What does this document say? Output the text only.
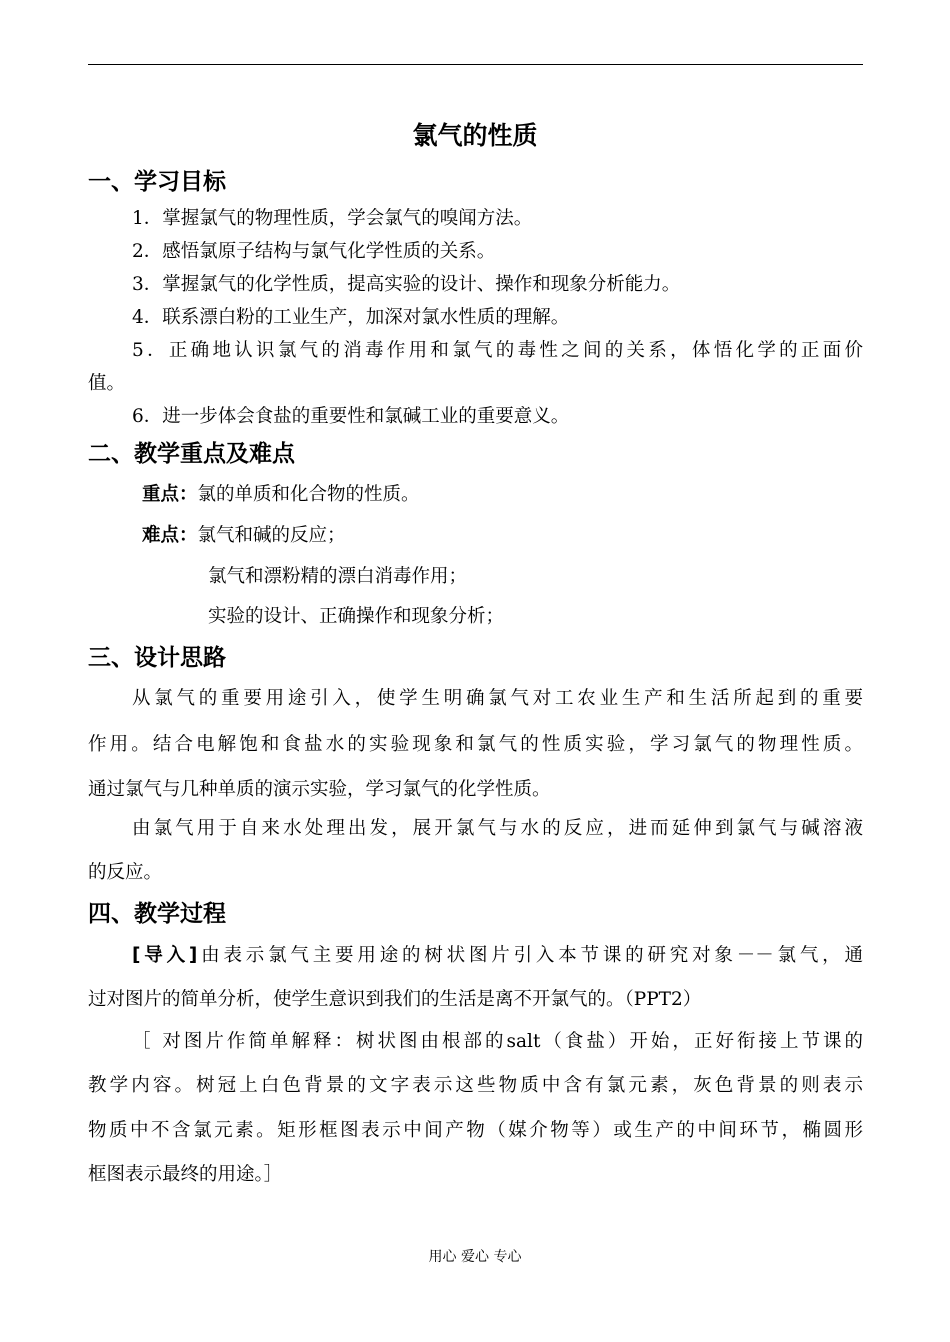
氯气的性质
一、学习目标
1．掌握氯气的物理性质，学会氯气的嗅闻方法。
2．感悟氯原子结构与氯气化学性质的关系。
3．掌握氯气的化学性质，提高实验的设计、操作和现象分析能力。
4．联系漂白粉的工业生产，加深对氯水性质的理解。
5．正确地认识氯气的消毒作用和氯气的毒性之间的关系，体悟化学的正面价
值。
6．进一步体会食盐的重要性和氯碱工业的重要意义。
二、教学重点及难点
重点：氯的单质和化合物的性质。
难点：氯气和碱的反应；
氯气和漂粉精的漂白消毒作用；
实验的设计、正确操作和现象分析；
三、设计思路
从氯气的重要用途引入，使学生明确氯气对工农业生产和生活所起到的重要
作用。结合电解饱和食盐水的实验现象和氯气的性质实验，学习氯气的物理性质。
通过氯气与几种单质的演示实验，学习氯气的化学性质。
由氯气用于自来水处理出发，展开氯气与水的反应，进而延伸到氯气与碱溶液
的反应。
四、教学过程
[导入]由表示氯气主要用途的树状图片引入本节课的研究对象－－氯气，通
过对图片的简单分析，使学生意识到我们的生活是离不开氯气的。（PPT2）
［ 对图片作简单解释：树状图由根部的salt（食盐）开始，正好衔接上节课的
教学内容。树冠上白色背景的文字表示这些物质中含有氯元素，灰色背景的则表示
物质中不含氯元素。矩形框图表示中间产物（媒介物等）或生产的中间环节，椭圆形
框图表示最终的用途。］
用心 爱心 专心
